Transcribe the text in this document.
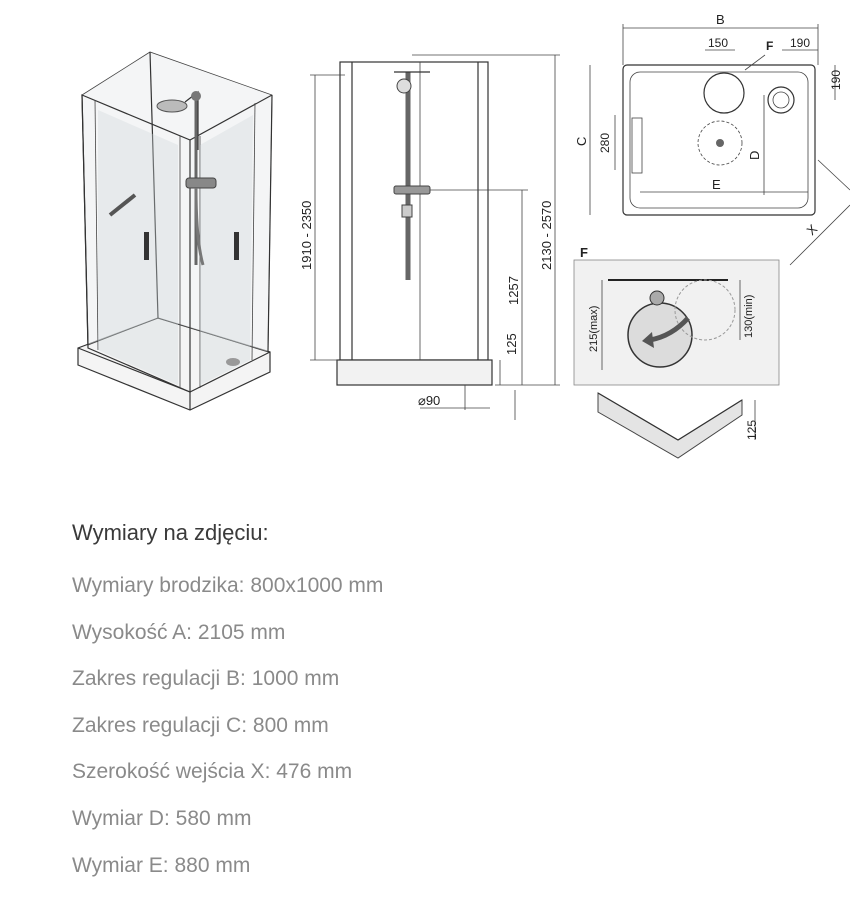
1910 - 2350	2130 - 2570
1257
125
⌀90
B
150	190
F
190
C 280
D
E
X
F
215(max)	130(min)
125
Wymiary na zdjęciu:
Wymiary brodzika: 800x1000 mm
Wysokość A: 2105 mm
Zakres regulacji B: 1000 mm
Zakres regulacji C: 800 mm
Szerokość wejścia X: 476 mm
Wymiar D: 580 mm
Wymiar E: 880 mm
